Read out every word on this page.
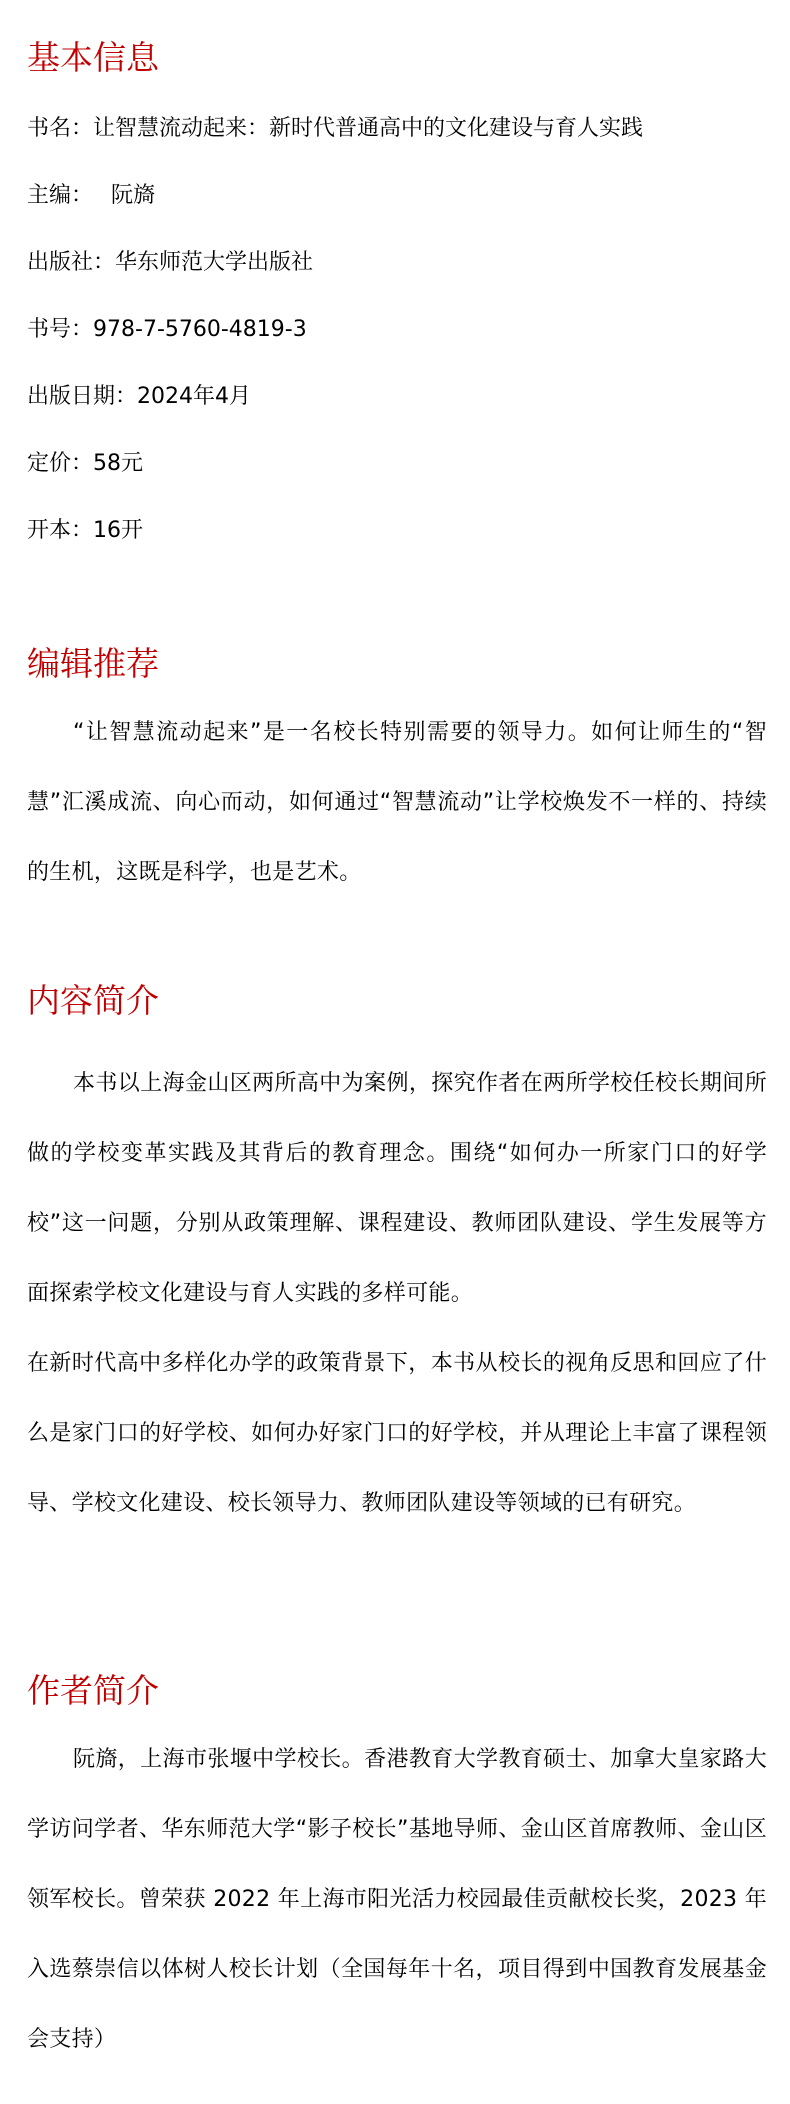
基本信息
书名：让智慧流动起来：新时代普通高中的文化建设与育人实践
主编： 阮旖
出版社：华东师范大学出版社
书号：978-7-5760-4819-3
出版日期：2024年4月
定价：58元
开本：16开
编辑推荐

“让智慧流动起来”是一名校长特别需要的领导力。如何让师生的“智慧”汇溪成流、向心而动，如何通过“智慧流动”让学校焕发不一样的、持续的生机，这既是科学，也是艺术。

内容简介

本书以上海金山区两所高中为案例，探究作者在两所学校任校长期间所做的学校变革实践及其背后的教育理念。围绕“如何办一所家门口的好学校”这一问题，分别从政策理解、课程建设、教师团队建设、学生发展等方面探索学校文化建设与育人实践的多样可能。

在新时代高中多样化办学的政策背景下，本书从校长的视角反思和回应了什么是家门口的好学校、如何办好家门口的好学校，并从理论上丰富了课程领导、学校文化建设、校长领导力、教师团队建设等领域的已有研究。

作者简介

阮旖，上海市张堰中学校长。香港教育大学教育硕士、加拿大皇家路大学访问学者、华东师范大学“影子校长”基地导师、金山区首席教师、金山区领军校长。曾荣获 2022 年上海市阳光活力校园最佳贡献校长奖，2023 年入选蔡崇信以体树人校长计划（全国每年十名，项目得到中国教育发展基金会支持）
